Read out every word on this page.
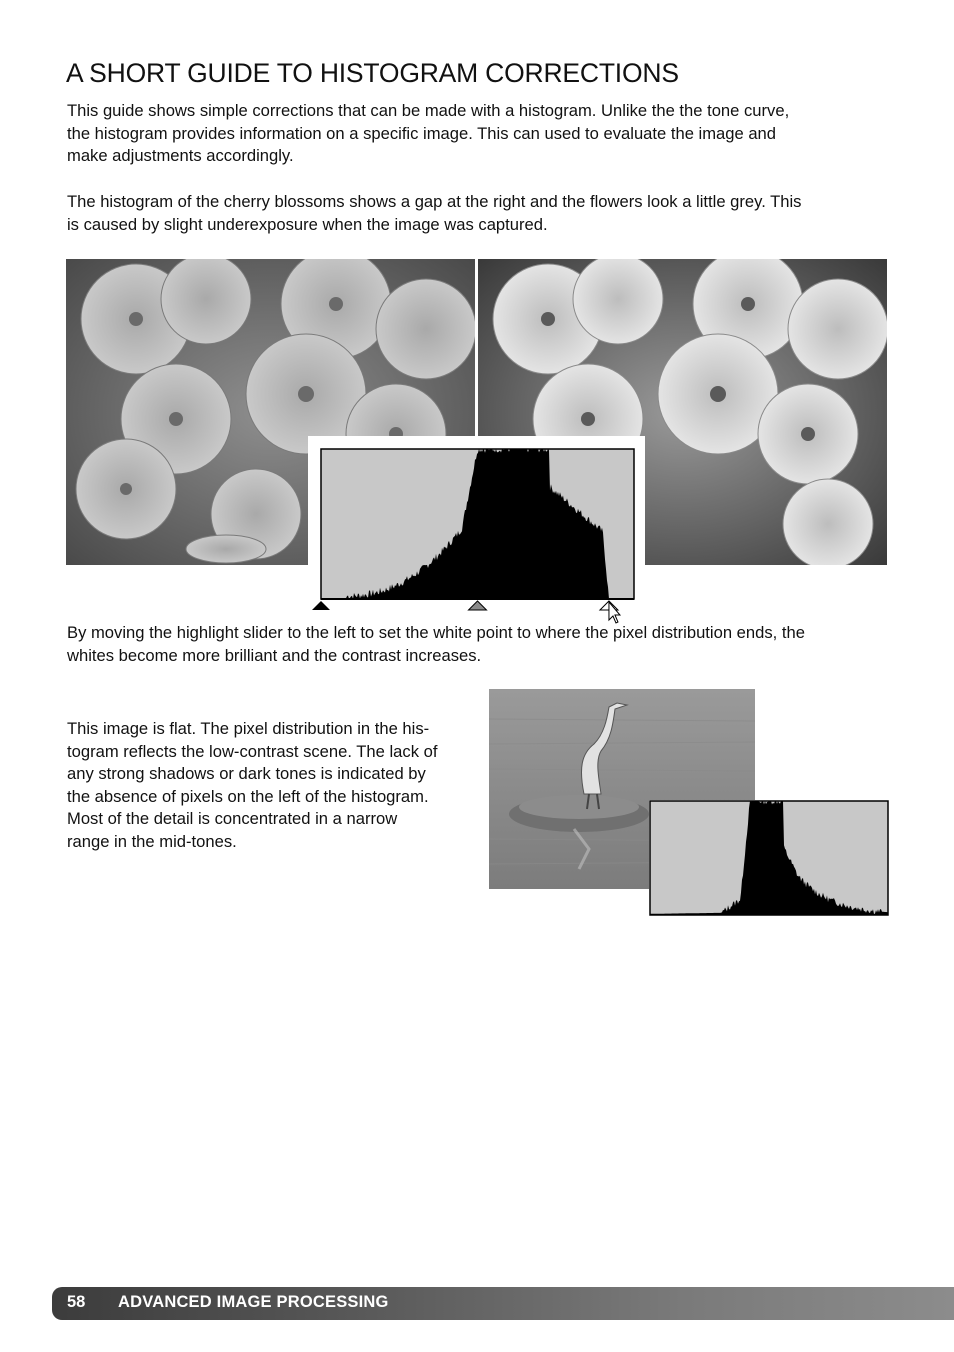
A SHORT GUIDE TO HISTOGRAM CORRECTIONS

This guide shows simple corrections that can be made with a histogram. Unlike the the tone curve,
the histogram provides information on a specific image. This can used to evaluate the image and
make adjustments accordingly.

The histogram of the cherry blossoms shows a gap at the right and the flowers look a little grey. This
is caused by slight underexposure when the image was captured.

By moving the highlight slider to the left to set the white point to where the pixel distribution ends, the
whites become more brilliant and the contrast increases.

This image is flat. The pixel distribution in the his-
togram reflects the low-contrast scene. The lack of
any strong shadows or dark tones is indicated by
the absence of pixels on the left of the histogram.
Most of the detail is concentrated in a narrow
range in the mid-tones.

58 ADVANCED IMAGE PROCESSING
